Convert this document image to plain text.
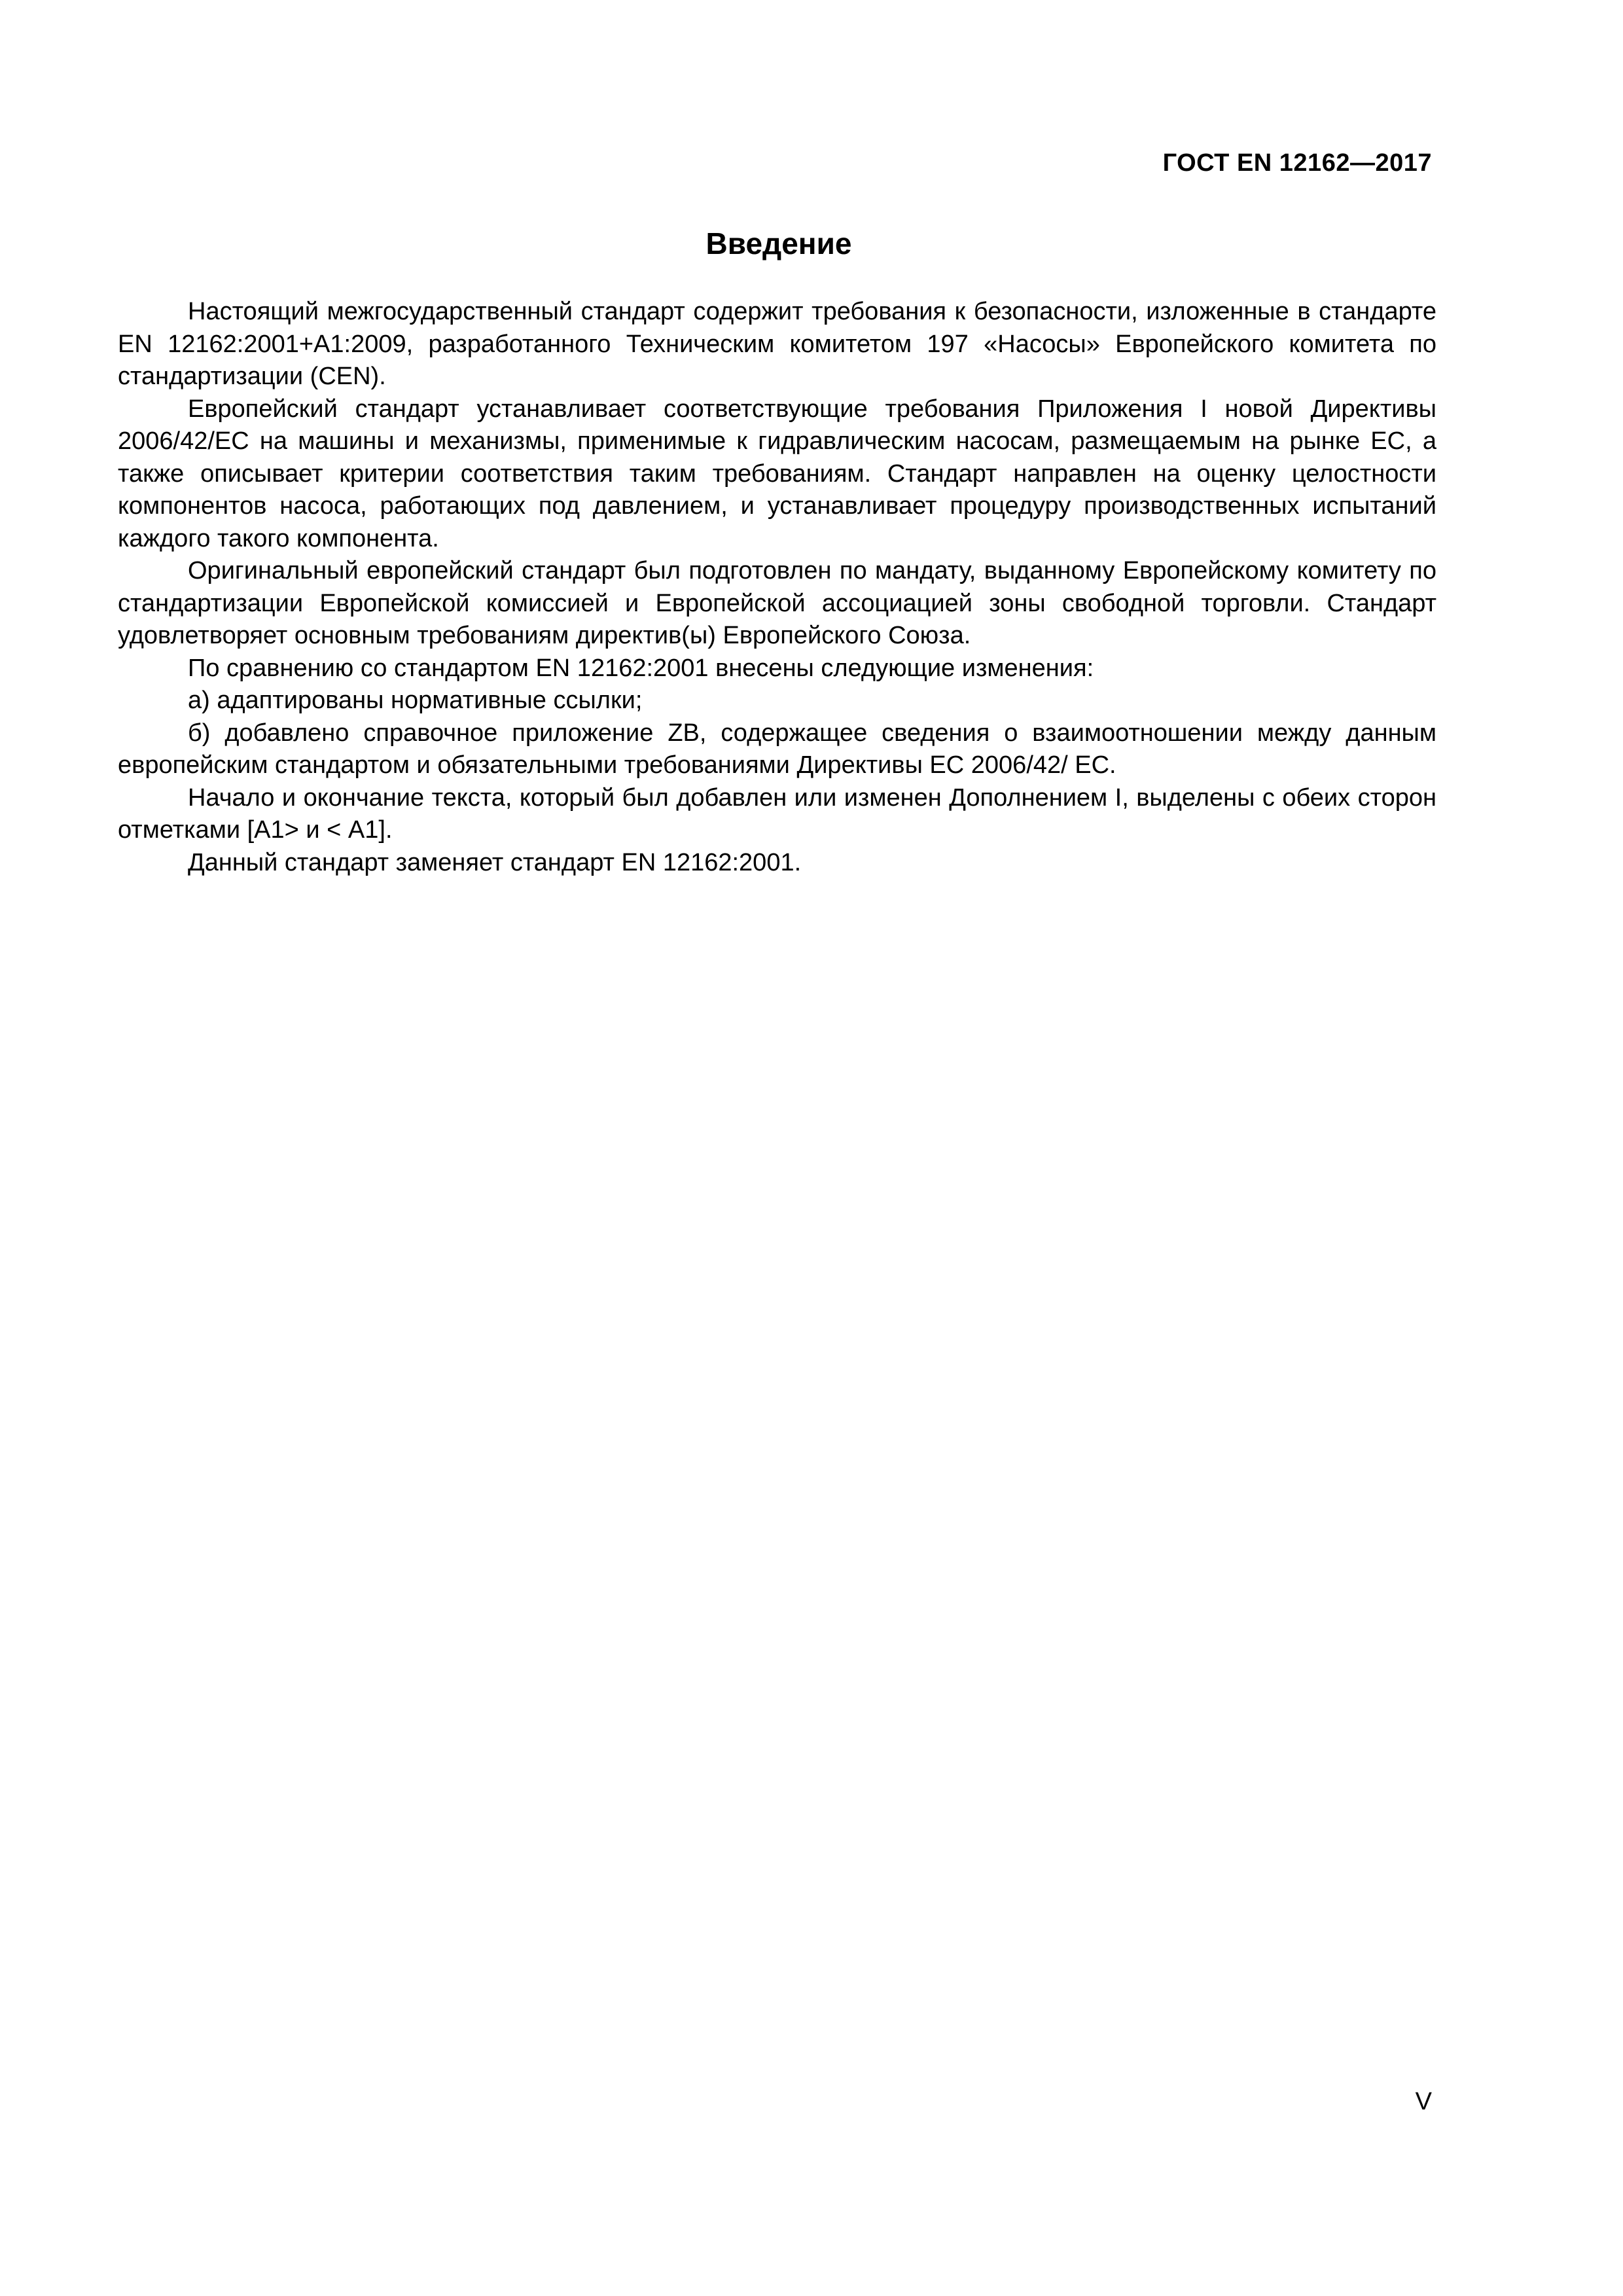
ГОСТ EN 12162—2017
Введение

Настоящий межгосударственный стандарт содержит требования к безопасности, изложенные в стандарте EN 12162:2001+A1:2009, разработанного Техническим комитетом 197 «Насосы» Европейского комитета по стандартизации (CEN).

Европейский стандарт устанавливает соответствующие требования Приложения I новой Директивы 2006/42/ЕС на машины и механизмы, применимые к гидравлическим насосам, размещаемым на рынке ЕС, а также описывает критерии соответствия таким требованиям. Стандарт направлен на оценку целостности компонентов насоса, работающих под давлением, и устанавливает процедуру производственных испытаний каждого такого компонента.

Оригинальный европейский стандарт был подготовлен по мандату, выданному Европейскому комитету по стандартизации Европейской комиссией и Европейской ассоциацией зоны свободной торговли. Стандарт удовлетворяет основным требованиям директив(ы) Европейского Союза.

По сравнению со стандартом EN 12162:2001 внесены следующие изменения:

а) адаптированы нормативные ссылки;

б) добавлено справочное приложение ZB, содержащее сведения о взаимоотношении между данным европейским стандартом и обязательными требованиями Директивы ЕС 2006/42/ ЕС.

Начало и окончание текста, который был добавлен или изменен Дополнением I, выделены с обеих сторон отметками [A1> и < A1].

Данный стандарт заменяет стандарт EN 12162:2001.

V
